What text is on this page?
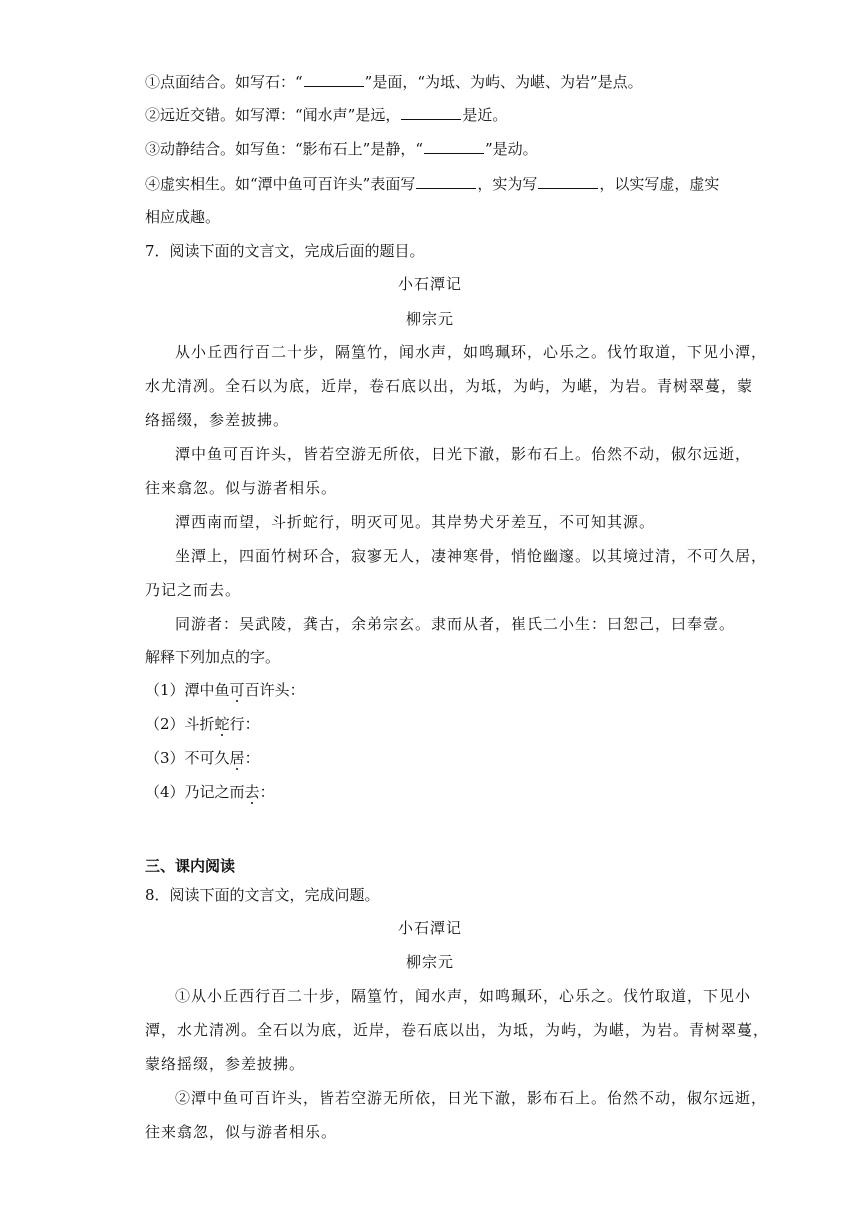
①点面结合。如写石：“	”是面，“为坻、为屿、为嵁、为岩”是点。
②远近交错。如写潭：“闻水声”是远，	是近。
③动静结合。如写鱼：“影布石上”是静，“	”是动。
④虚实相生。如“潭中鱼可百许头”表面写	，实为写	，以实写虚，虚实
相应成趣。
7．阅读下面的文言文，完成后面的题目。
小石潭记
柳宗元
从小丘西行百二十步，隔篁竹，闻水声，如鸣珮环，心乐之。伐竹取道，下见小潭，
水尤清冽。全石以为底，近岸，卷石底以出，为坻，为屿，为嵁，为岩。青树翠蔓，蒙
络摇缀，参差披拂。
潭中鱼可百许头，皆若空游无所依，日光下澈，影布石上。佁然不动，俶尔远逝，
往来翕忽。似与游者相乐。
潭西南而望，斗折蛇行，明灭可见。其岸势犬牙差互，不可知其源。
坐潭上，四面竹树环合，寂寥无人，凄神寒骨，悄怆幽邃。以其境过清，不可久居，
乃记之而去。
同游者：吴武陵，龚古，余弟宗玄。隶而从者，崔氏二小生：曰恕己，曰奉壹。
解释下列加点的字。
（1）潭中鱼可百许头：
（2）斗折蛇行：
（3）不可久居：
（4）乃记之而去：
三、课内阅读
8．阅读下面的文言文，完成问题。
小石潭记
柳宗元
①从小丘西行百二十步，隔篁竹，闻水声，如鸣珮环，心乐之。伐竹取道，下见小
潭，水尤清冽。全石以为底，近岸，卷石底以出，为坻，为屿，为嵁，为岩。青树翠蔓，
蒙络摇缀，参差披拂。
②潭中鱼可百许头，皆若空游无所依，日光下澈，影布石上。佁然不动，俶尔远逝，
往来翕忽，似与游者相乐。
